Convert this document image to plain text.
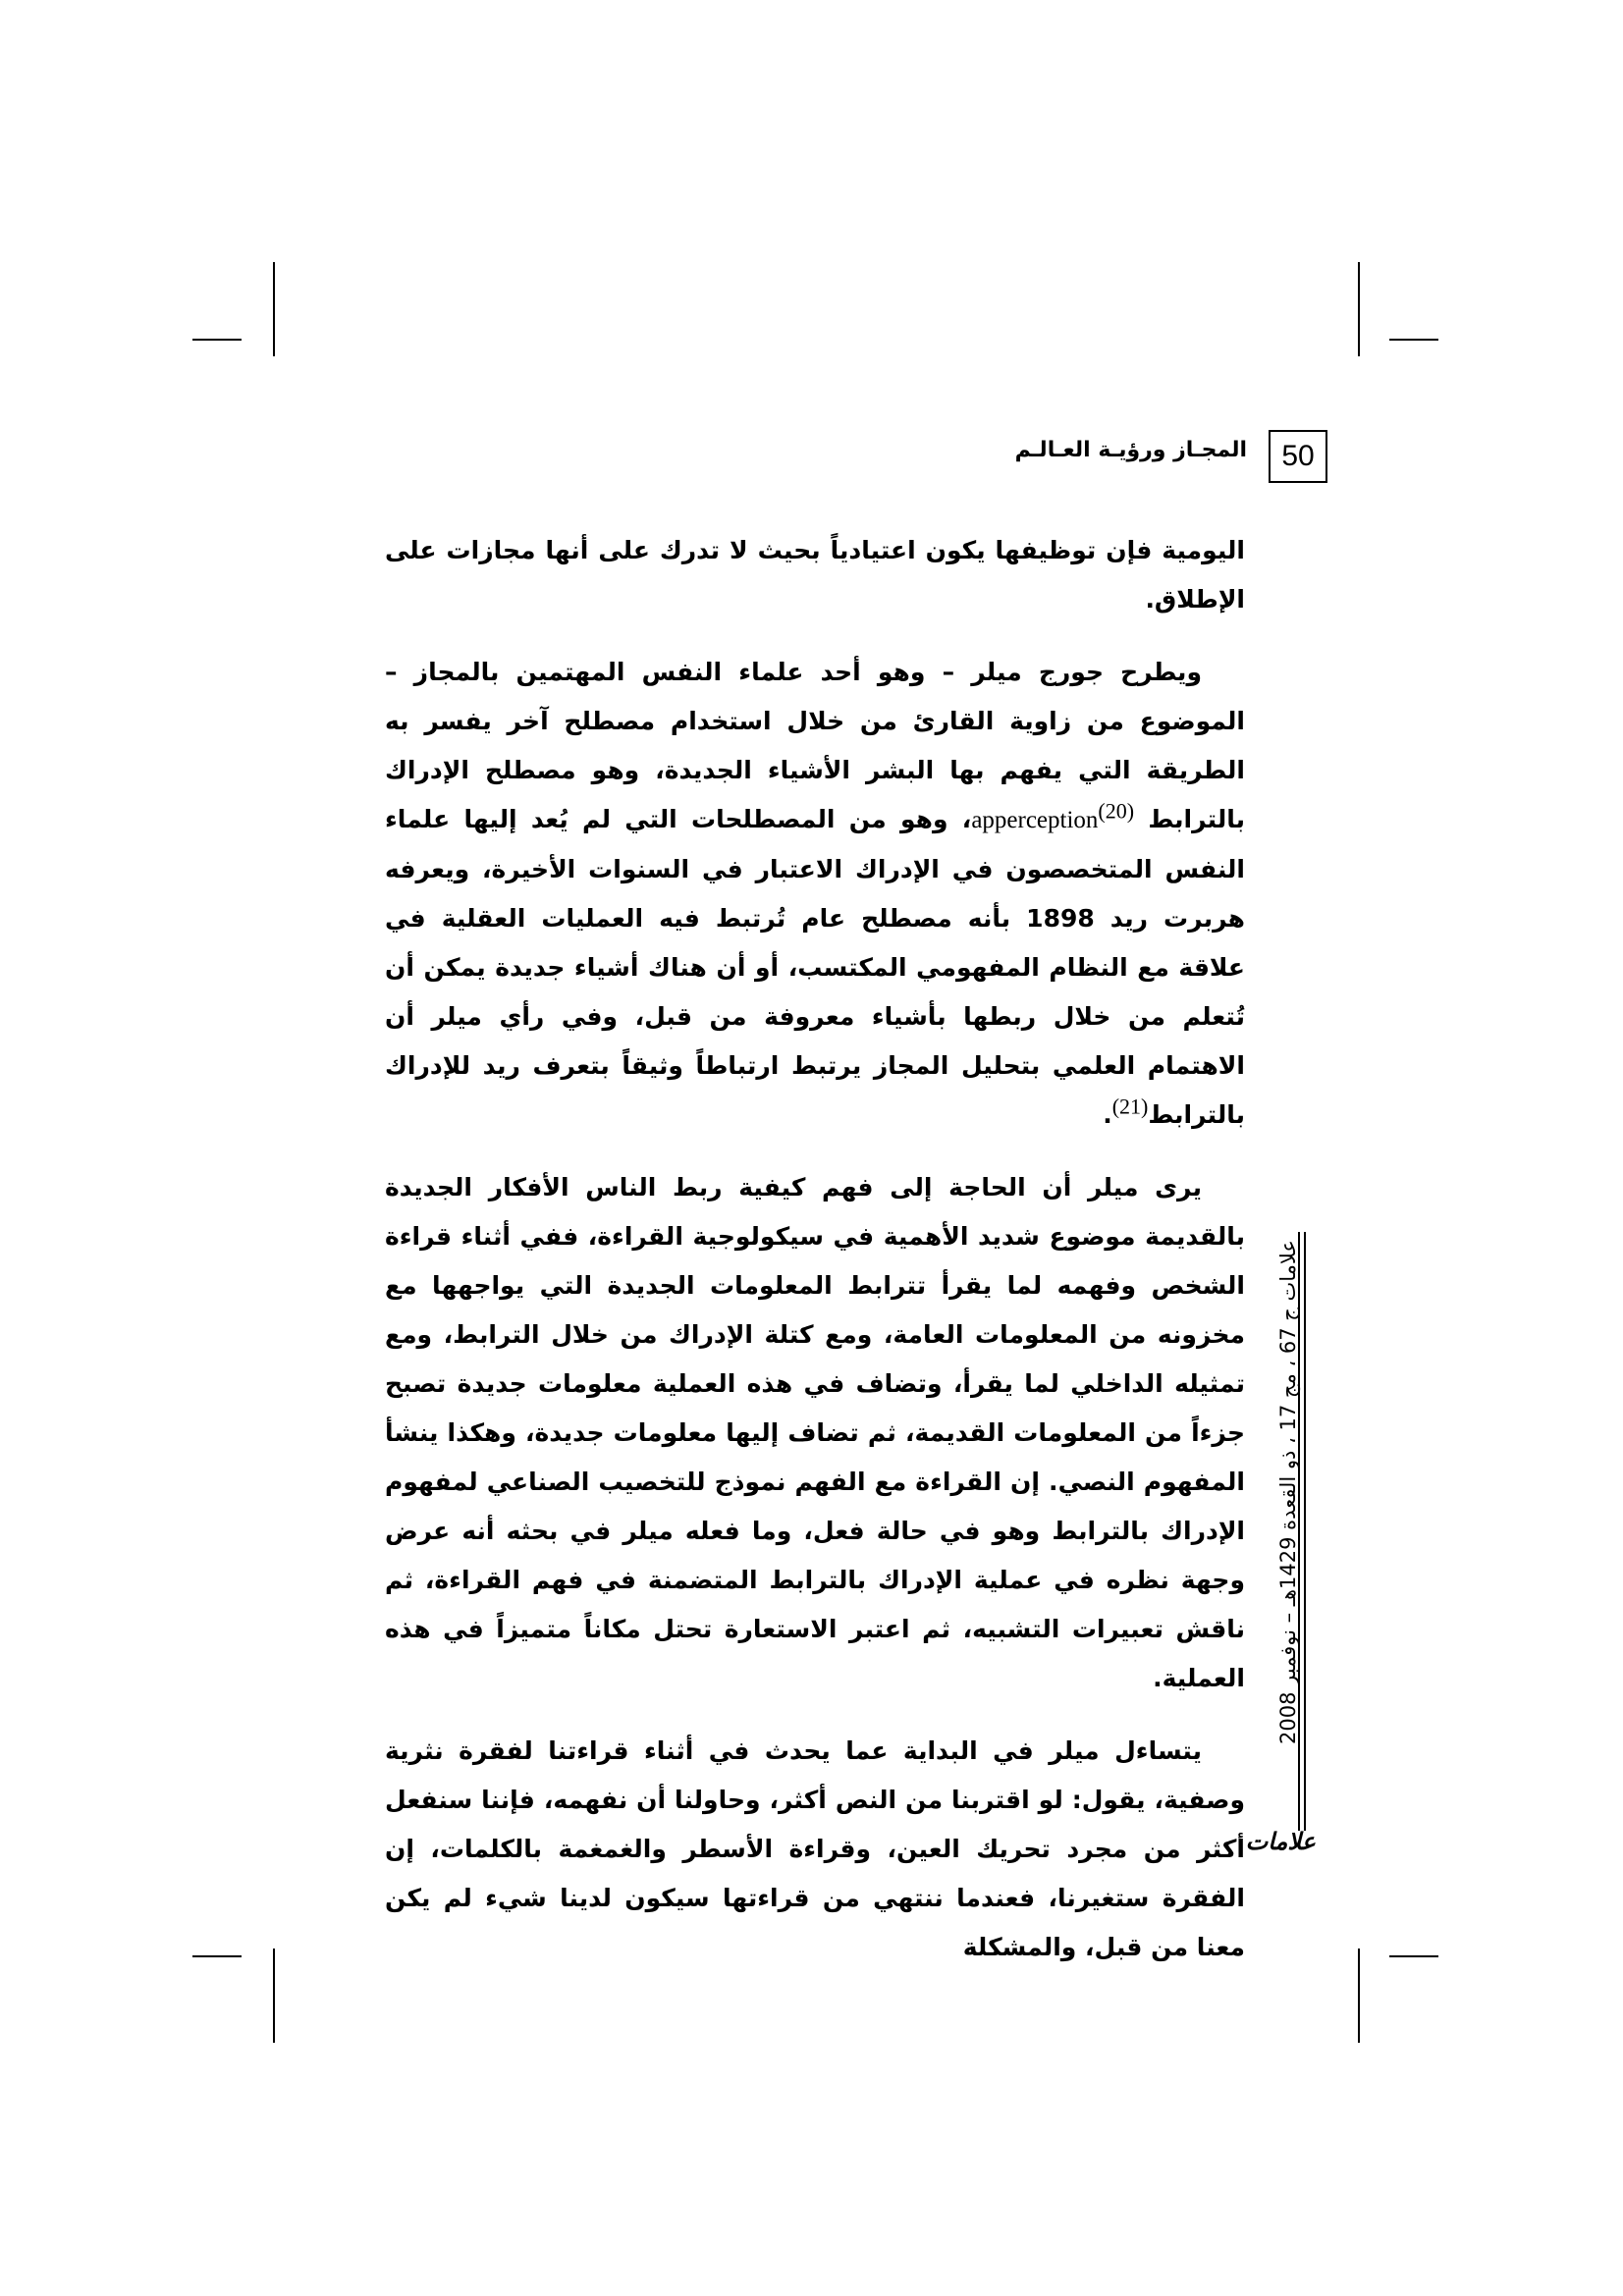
50
المجـاز ورؤيـة العـالـم

اليومية فإن توظيفها يكون اعتيادياً بحيث لا تدرك على أنها مجازات على الإطلاق.

ويطرح جورج ميلر – وهو أحد علماء النفس المهتمين بالمجاز – الموضوع من زاوية القارئ من خلال استخدام مصطلح آخر يفسر به الطريقة التي يفهم بها البشر الأشياء الجديدة، وهو مصطلح الإدراك بالترابط apperception(20)، وهو من المصطلحات التي لم يُعد إليها علماء النفس المتخصصون في الإدراك الاعتبار في السنوات الأخيرة، ويعرفه هربرت ريد 1898 بأنه مصطلح عام تُرتبط فيه العمليات العقلية في علاقة مع النظام المفهومي المكتسب، أو أن هناك أشياء جديدة يمكن أن تُتعلم من خلال ربطها بأشياء معروفة من قبل، وفي رأي ميلر أن الاهتمام العلمي بتحليل المجاز يرتبط ارتباطاً وثيقاً بتعرف ريد للإدراك بالترابط(21).

يرى ميلر أن الحاجة إلى فهم كيفية ربط الناس الأفكار الجديدة بالقديمة موضوع شديد الأهمية في سيكولوجية القراءة، ففي أثناء قراءة الشخص وفهمه لما يقرأ تترابط المعلومات الجديدة التي يواجهها مع مخزونه من المعلومات العامة، ومع كتلة الإدراك من خلال الترابط، ومع تمثيله الداخلي لما يقرأ، وتضاف في هذه العملية معلومات جديدة تصبح جزءاً من المعلومات القديمة، ثم تضاف إليها معلومات جديدة، وهكذا ينشأ المفهوم النصي. إن القراءة مع الفهم نموذج للتخصيب الصناعي لمفهوم الإدراك بالترابط وهو في حالة فعل، وما فعله ميلر في بحثه أنه عرض وجهة نظره في عملية الإدراك بالترابط المتضمنة في فهم القراءة، ثم ناقش تعبيرات التشبيه، ثم اعتبر الاستعارة تحتل مكاناً متميزاً في هذه العملية.

يتساءل ميلر في البداية عما يحدث في أثناء قراءتنا لفقرة نثرية وصفية، يقول: لو اقتربنا من النص أكثر، وحاولنا أن نفهمه، فإننا سنفعل أكثر من مجرد تحريك العين، وقراءة الأسطر والغمغمة بالكلمات، إن الفقرة ستغيرنا، فعندما ننتهي من قراءتها سيكون لدينا شيء لم يكن معنا من قبل، والمشكلة

علامات ج 67 ، مج 17 ، ذو القعدة 1429هـ – نوفمبر 2008
علامات
